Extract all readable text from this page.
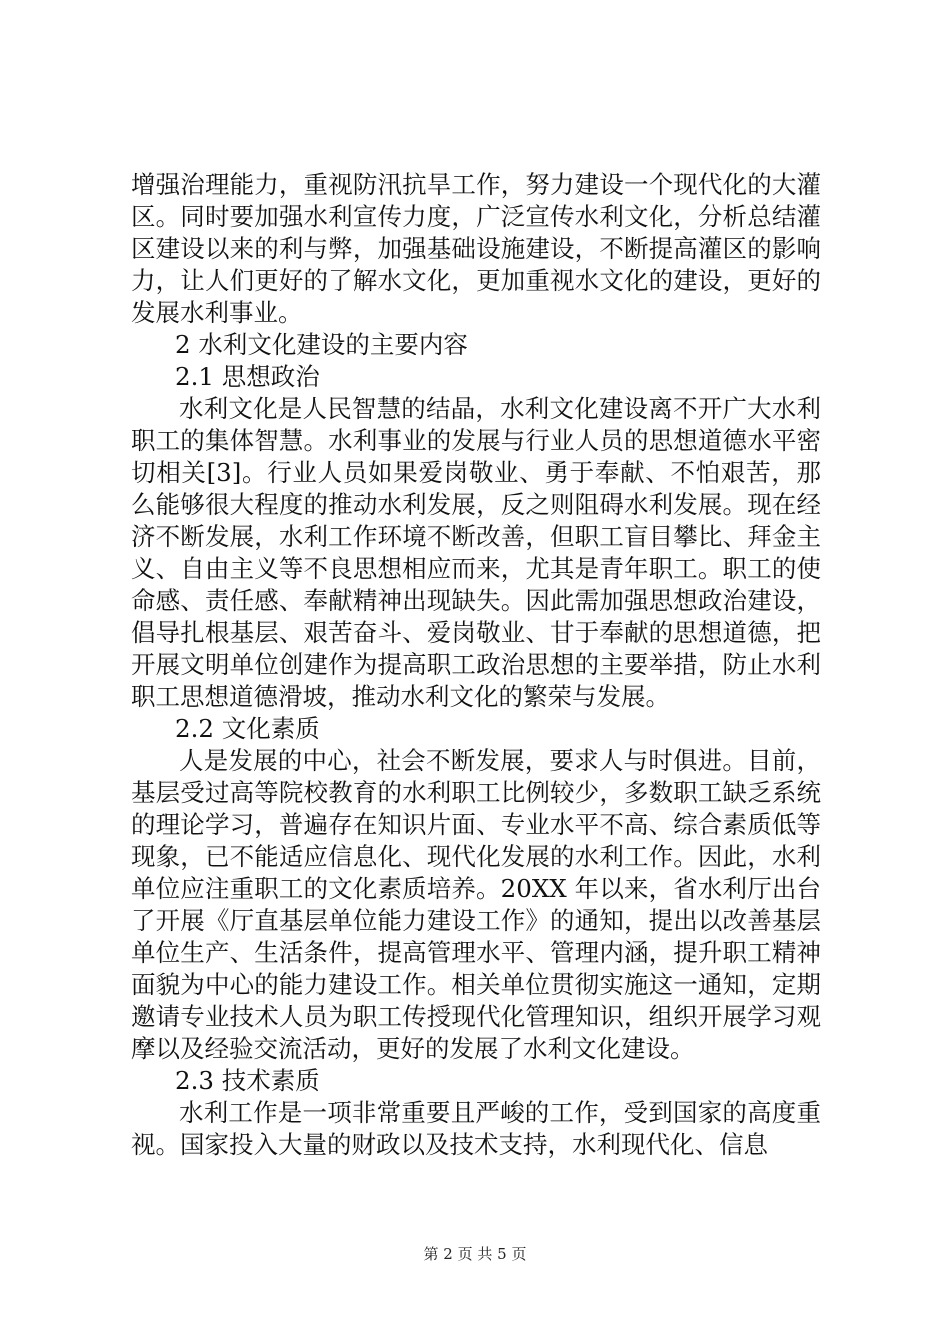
增强治理能力，重视防汛抗旱工作，努力建设一个现代化的大灌区。同时要加强水利宣传力度，广泛宣传水利文化，分析总结灌区建设以来的利与弊，加强基础设施建设，不断提高灌区的影响力，让人们更好的了解水文化，更加重视水文化的建设，更好的发展水利事业。

2 水利文化建设的主要内容

2.1 思想政治

水利文化是人民智慧的结晶，水利文化建设离不开广大水利职工的集体智慧。水利事业的发展与行业人员的思想道德水平密切相关[3]。行业人员如果爱岗敬业、勇于奉献、不怕艰苦，那么能够很大程度的推动水利发展，反之则阻碍水利发展。现在经济不断发展，水利工作环境不断改善，但职工盲目攀比、拜金主义、自由主义等不良思想相应而来，尤其是青年职工。职工的使命感、责任感、奉献精神出现缺失。因此需加强思想政治建设，倡导扎根基层、艰苦奋斗、爱岗敬业、甘于奉献的思想道德，把开展文明单位创建作为提高职工政治思想的主要举措，防止水利职工思想道德滑坡，推动水利文化的繁荣与发展。

2.2 文化素质

人是发展的中心，社会不断发展，要求人与时俱进。目前，基层受过高等院校教育的水利职工比例较少，多数职工缺乏系统的理论学习，普遍存在知识片面、专业水平不高、综合素质低等现象，已不能适应信息化、现代化发展的水利工作。因此，水利单位应注重职工的文化素质培养。20XX 年以来，省水利厅出台了开展《厅直基层单位能力建设工作》的通知，提出以改善基层单位生产、生活条件，提高管理水平、管理内涵，提升职工精神面貌为中心的能力建设工作。相关单位贯彻实施这一通知，定期邀请专业技术人员为职工传授现代化管理知识，组织开展学习观摩以及经验交流活动，更好的发展了水利文化建设。

2.3 技术素质

水利工作是一项非常重要且严峻的工作，受到国家的高度重视。国家投入大量的财政以及技术支持，水利现代化、信息

第 2 页 共 5 页
